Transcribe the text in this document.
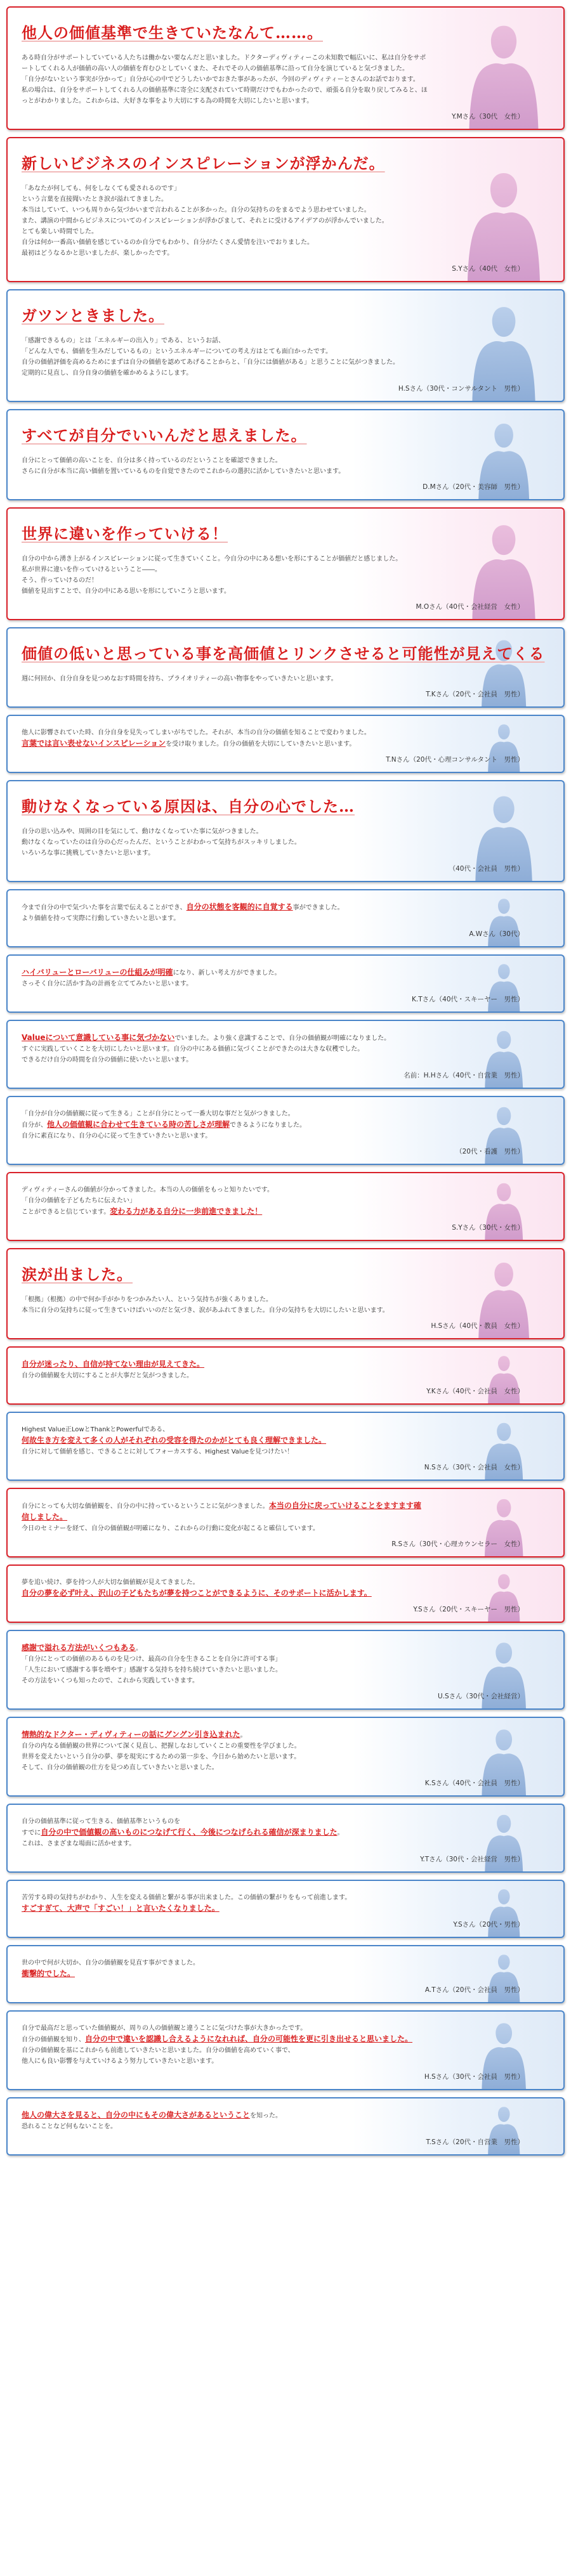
他人の価値基準で生きていたなんて……。

ある時自分がサポートしていている人たちは働かない要なんだと思いました。ドクターディヴィティーこの未知数で幅広いに、私は自分をサポートしてくれる人が価値の高い人の価値を育むひとしていくまた、それでその人の価値基準に沿って自分を演じていると気づきました。

「自分がないという事実が分かって」自分が心の中でどうしたいかでおきた事があったが、今回のディヴィティーとさんのお話でおります。

私の場合は、自分をサポートしてくれる人の価値基準に寄全に支配されていて時期だけでもわかったので、頑張る自分を取り戻してみると、ほっとがわかりました。これからは、大好きな事をより大切にする為の時間を大切にしたいと思います。

Y.Mさん（30代　女性）
新しいビジネスのインスピレーションが浮かんだ。

「あなたが何しても、何をしなくても愛されるのです」

という言葉を直接聞いたとき涙が溢れてきました。

本当はしていて、いつも周りから気づかいまで言われることが多かった。自分の気持ちのをまるでよう思わせていました。

また、講演の中間からビジネスについてのインスピレーションが浮かびまして、それとに受けるアイデアのが浮かんでいました。

とても楽しい時間でした。

自分は何か一番高い価値を感じているのか自分でもわかり、自分がたくさん愛情を注いでおりました。

最初はどうなるかと思いましたが、楽しかったです。

S.Yさん（40代　女性）
ガツンときました。

「感謝できるもの」とは「エネルギーの出入り」である、というお話、

「どんな人でも、価値を生みだしているもの」というエネルギーについての考え方はとても面白かったです。

自分の価値評価を高めるためにまずは自分の価値を認めてあげることからと、「自分には価値がある」と思うことに気がつきました。

定期的に見直し、自分自身の価値を確かめるようにします。

H.Sさん（30代・コンサルタント　男性）
すべてが自分でいいんだと思えました。

自分にとって価値の高いことを、自分は多く持っているのだということを確認できました。

さらに自分が本当に高い価値を置いているものを自覚できたのでこれからの選択に活かしていきたいと思います。

D.Mさん（20代・美容師　男性）
世界に違いを作っていける！

自分の中から湧き上がるインスピレーションに従って生きていくこと。今自分の中にある想いを形にすることが価値だと感じました。

私が世界に違いを作っていけるということ――。

そう、作っていけるのだ！

価値を見出すことで、自分の中にある思いを形にしていこうと思います。

M.Oさん（40代・会社経営　女性）
価値の低いと思っている事を高価値とリンクさせると可能性が見えてくる

週に何回か、自分自身を見つめなおす時間を持ち、プライオリティーの高い物事をやっていきたいと思います。

T.Kさん（20代・会社員　男性）

他人に影響されていた時、自分自身を見失ってしまいがちでした。それが、本当の自分の価値を知ることで変わりました。

言葉では言い表せないインスピレーションを受け取りました。自分の価値を大切にしていきたいと思います。

T.Nさん（20代・心理コンサルタント　男性）
動けなくなっている原因は、自分の心でした…

自分の思い込みや、周囲の目を気にして、動けなくなっていた事に気がつきました。

動けなくなっていたのは自分の心だったんだ、ということがわかって気持ちがスッキリしました。

いろいろな事に挑戦していきたいと思います。

（40代・会社員　男性）

今まで自分の中で気づいた事を言葉で伝えることができ、自分の状態を客観的に自覚する事ができました。

より価値を持って実際に行動していきたいと思います。

A.Wさん（30代）

ハイバリューとローバリューの仕組みが明確になり、新しい考え方ができました。

さっそく自分に活かす為の計画を立ててみたいと思います。

K.Tさん（40代・スキーヤー　男性）

Valueについて意識している事に気づかないでいました。より強く意識することで、自分の価値観が明確になりました。

すぐに実践していくことを大切にしたいと思います。自分の中にある価値に気づくことができたのは大きな収穫でした。

できるだけ自分の時間を自分の価値に使いたいと思います。

名前：H.Hさん（40代・自営業　男性）

「自分が自分の価値観に従って生きる」ことが自分にとって一番大切な事だと気がつきました。

自分が、他人の価値観に合わせて生きている時の苦しさが理解できるようになりました。

自分に素直になり、自分の心に従って生きていきたいと思います。

（20代・看護　男性）

ディヴィティーさんの価値が分かってきました。本当の人の価値をもっと知りたいです。

「自分の価値を子どもたちに伝えたい」

ことができると信じています。変わる力がある自分に一歩前進できました！

S.Yさん（30代・女性）
涙が出ました。

「根拠」（根拠）の中で何か手がかりをつかみたい人、という気持ちが強くありました。

本当に自分の気持ちに従って生きていけばいいのだと気づき、涙があふれてきました。自分の気持ちを大切にしたいと思います。

H.Sさん（40代・教員　女性）

自分が迷ったり、自信が持てない理由が見えてきた。

自分の価値観を大切にすることが大事だと気がつきました。

Y.Kさん（40代・会社員　女性）

Highest Value正LowとThankとPowerfulである、

何故生き方を変えて多くの人がそれぞれの受容を得たのかがとても良く理解できました。

自分に対して価値を感じ、できることに対してフォーカスする、Highest Valueを見つけたい！

N.Sさん（30代・会社員　女性）

自分にとっても大切な価値観を、自分の中に持っているということに気がつきました。本当の自分に戻っていけることをますます確信しました。

今日のセミナーを経て、自分の価値観が明確になり、これからの行動に変化が起こると確信しています。

R.Sさん（30代・心理カウンセラー　女性）

夢を追い続け、夢を持つ人が大切な価値観が見えてきました。

自分の夢を必ず叶え、沢山の子どもたちが夢を持つことができるように、そのサポートに活かします。

Y.Sさん（20代・スキーヤー　男性）

感謝で溢れる方法がいくつもある。

「自分にとっての価値のあるものを見つけ、最高の自分を生きることを自分に許可する事」

「人生において感謝する事を増やす」感謝する気持ちを持ち続けていきたいと思いました。

その方法をいくつも知ったので、これから実践していきます。

U.Sさん（30代・会社経営）

情熱的なドクター・ディヴィティーの話にグングン引き込まれた。

自分の内なる価値観の世界について深く見直し、把握しなおしていくことの重要性を学びました。

世界を変えたいという自分の夢、夢を現実にするための第一歩を、今日から始めたいと思います。

そして、自分の価値観の仕方を見つめ直していきたいと思いました。

K.Sさん（40代・会社員　男性）

自分の価値基準に従って生きる、価値基準というものを

すでに自分の中で価値観の高いものにつなげて行く、今後につなげられる確信が深まりました。

これは、さまざまな場面に活かせます。

Y.Tさん（30代・会社経営　男性）

苦労する時の気持ちがわかり、人生を変える価値と繋がる事が出来ました。この価値の繋がりをもって前進します。

すごすぎて、大声で「すごい！」と言いたくなりました。

Y.Sさん（20代・男性）

世の中で何が大切か、自分の価値観を見直す事ができました。

衝撃的でした。

A.Tさん（20代・会社員　男性）

自分で最高だと思っていた価値観が、周りの人の価値観と違うことに気づけた事が大きかったです。

自分の価値観を知り、自分の中で違いを認識し合えるようになれれば、自分の可能性を更に引き出せると思いました。

自分の価値観を基にこれからも前進していきたいと思いました。自分の価値を高めていく事で、

他人にも良い影響を与えていけるよう努力していきたいと思います。

H.Sさん（30代・会社員　男性）

他人の偉大さを見ると、自分の中にもその偉大さがあるということを知った。

恐れることなど何もないことを。

T.Sさん（20代・自営業　男性）
